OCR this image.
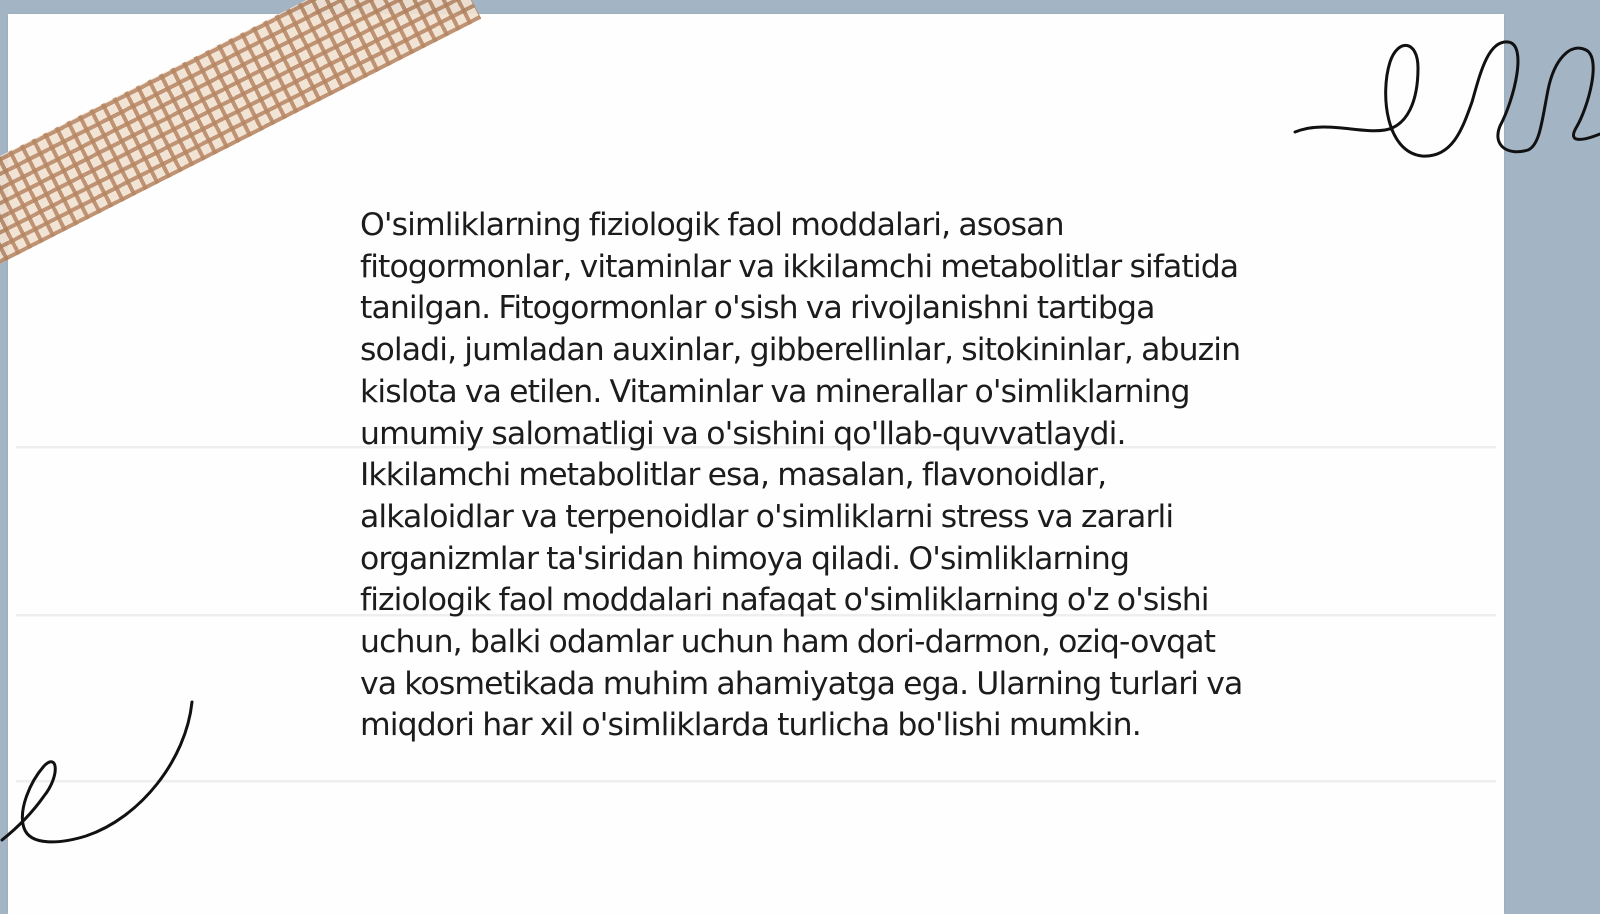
O'simliklarning fiziologik faol moddalari, asosan fitogormonlar, vitaminlar va ikkilamchi metabolitlar sifatida tanilgan. Fitogormonlar o'sish va rivojlanishni tartibga soladi, jumladan auxinlar, gibberellinlar, sitokininlar, abuzin kislota va etilen. Vitaminlar va minerallar o'simliklarning umumiy salomatligi va o'sishini qo'llab-quvvatlaydi. Ikkilamchi metabolitlar esa, masalan, flavonoidlar, alkaloidlar va terpenoidlar o'simliklarni stress va zararli organizmlar ta'siridan himoya qiladi. O'simliklarning fiziologik faol moddalari nafaqat o'simliklarning o'z o'sishi uchun, balki odamlar uchun ham dori-darmon, oziq-ovqat va kosmetikada muhim ahamiyatga ega. Ularning turlari va miqdori har xil o'simliklarda turlicha bo'lishi mumkin.
